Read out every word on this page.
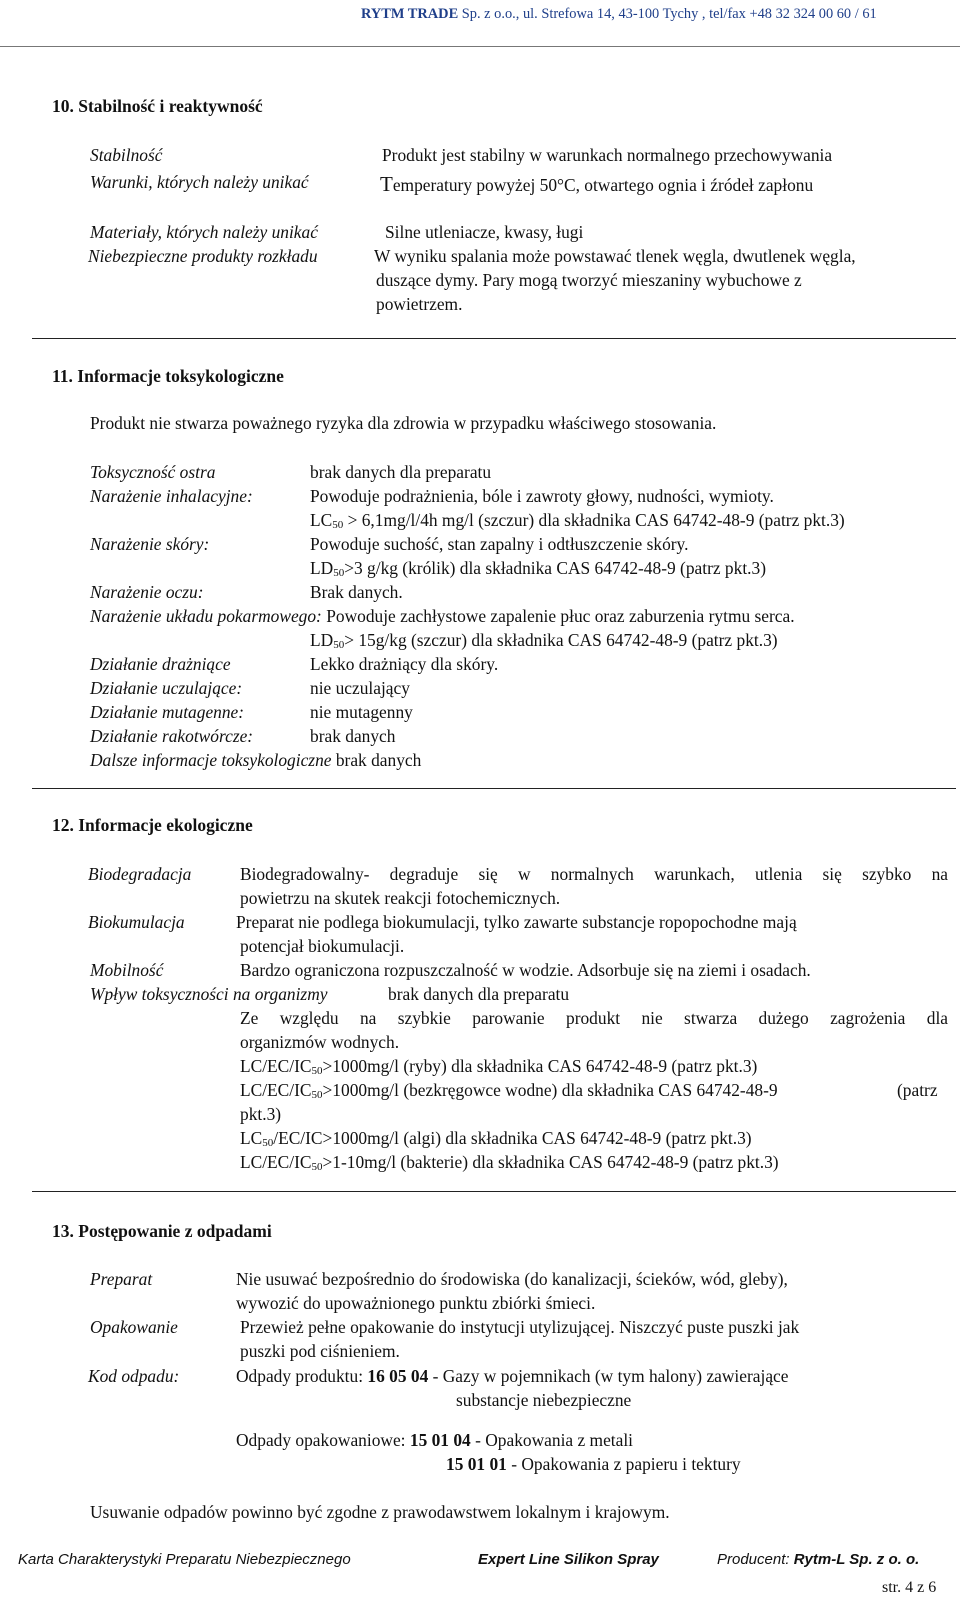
RYTM TRADE Sp. z o.o., ul. Strefowa 14, 43-100 Tychy , tel/fax +48 32 324 00 60 / 61
10. Stabilność i reaktywność
Stabilność	Produkt jest stabilny w warunkach normalnego przechowywania
Warunki, których należy unikać	Temperatury powyżej 50°C, otwartego ognia i źródeł zapłonu
Materiały, których należy unikać	Silne utleniacze, kwasy, ługi
Niebezpieczne produkty rozkładu	W wyniku spalania może powstawać tlenek węgla, dwutlenek węgla,
duszące dymy. Pary mogą tworzyć mieszaniny wybuchowe z
powietrzem.
11. Informacje toksykologiczne
Produkt nie stwarza poważnego ryzyka dla zdrowia w przypadku właściwego stosowania.
Toksyczność ostra	brak danych dla preparatu
Narażenie inhalacyjne:	Powoduje podrażnienia, bóle i zawroty głowy, nudności, wymioty.
$LC_{50} > 6,1mg/l/4h$ mg/l (szczur) dla składnika CAS 64742-48-9 (patrz pkt.3)
Narażenie skóry:	Powoduje suchość, stan zapalny i odtłuszczenie skóry.
$LD_{50}>3$ g/kg (królik) dla składnika CAS 64742-48-9 (patrz pkt.3)
Narażenie oczu:	Brak danych.
Narażenie układu pokarmowego: Powoduje zachłystowe zapalenie płuc oraz zaburzenia rytmu serca.
$LD_{50}> 15g/kg$ (szczur) dla składnika CAS 64742-48-9 (patrz pkt.3)
Działanie drażniące	Lekko drażniący dla skóry.
Działanie uczulające:	nie uczulający
Działanie mutagenne:	nie mutagenny
Działanie rakotwórcze:	brak danych
Dalsze informacje toksykologiczne brak danych
12. Informacje ekologiczne
Biodegradacja	Biodegradowalny- degraduje się w normalnych warunkach, utlenia się szybko na
powietrzu na skutek reakcji fotochemicznych.
Biokumulacja	Preparat nie podlega biokumulacji, tylko zawarte substancje ropopochodne mają
potencjał biokumulacji.
Mobilność	Bardzo ograniczona rozpuszczalność w wodzie. Adsorbuje się na ziemi i osadach.
Wpływ toksyczności na organizmy	brak danych dla preparatu
Ze względu na szybkie parowanie produkt nie stwarza dużego zagrożenia dla
organizmów wodnych.
$LC/EC/IC_{50}>1000mg/l$ (ryby) dla składnika CAS 64742-48-9 (patrz pkt.3)
$LC/EC/IC_{50}>1000mg/l$ (bezkręgowce wodne) dla składnika CAS 64742-48-9	(patrz
pkt.3)
$LC_{50}/EC/IC>1000mg/l$ (algi) dla składnika CAS 64742-48-9 (patrz pkt.3)
$LC/EC/IC_{50}>1-10mg/l$ (bakterie) dla składnika CAS 64742-48-9 (patrz pkt.3)
13. Postępowanie z odpadami
Preparat	Nie usuwać bezpośrednio do środowiska (do kanalizacji, ścieków, wód, gleby),
wywozić do upoważnionego punktu zbiórki śmieci.
Opakowanie	Przewież pełne opakowanie do instytucji utylizującej. Niszczyć puste puszki jak
puszki pod ciśnieniem.
Kod odpadu:	Odpady produktu: 16 05 04 - Gazy w pojemnikach (w tym halony) zawierające
substancje niebezpieczne
Odpady opakowaniowe: 15 01 04 - Opakowania z metali
15 01 01 - Opakowania z papieru i tektury
Usuwanie odpadów powinno być zgodne z prawodawstwem lokalnym i krajowym.
Karta Charakterystyki Preparatu Niebezpiecznego	Expert Line Silikon Spray	Producent: Rytm-L Sp. z o. o.
str. 4 z 6
